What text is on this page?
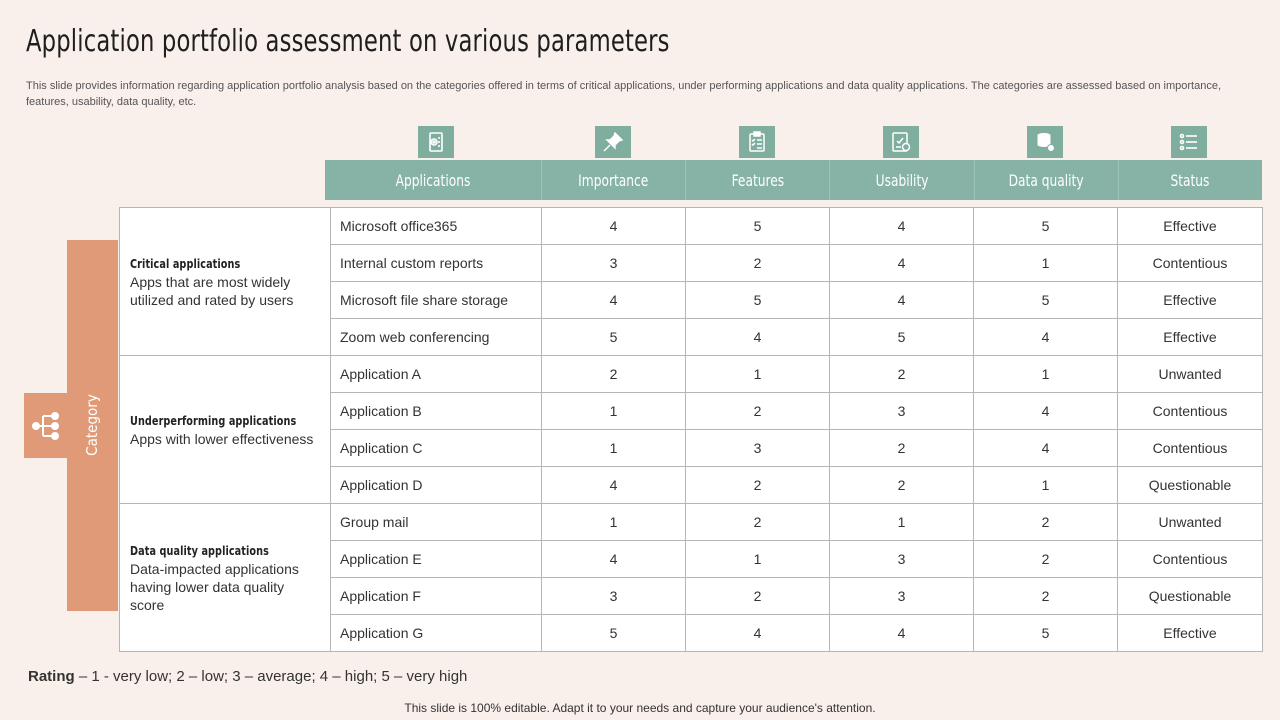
Application portfolio assessment on various parameters
This slide provides information regarding application portfolio analysis based on the categories offered in terms of critical applications, under performing applications and data quality applications. The categories are assessed based on importance, features, usability, data quality, etc.
Applications	Importance	Features	Usability	Data quality	Status
Category
Critical applications
Apps that are most widely utilized and rated by users	Microsoft office365	4	5	4	5	Effective
	Internal custom reports	3	2	4	1	Contentious
	Microsoft file share storage	4	5	4	5	Effective
	Zoom web conferencing	5	4	5	4	Effective

Underperforming applications
Apps with lower effectiveness	Application A	2	1	2	1	Unwanted
	Application B	1	2	3	4	Contentious
	Application C	1	3	2	4	Contentious
	Application D	4	2	2	1	Questionable

Data quality applications
Data-impacted applications having lower data quality score	Group mail	1	2	1	2	Unwanted
	Application E	4	1	3	2	Contentious
	Application F	3	2	3	2	Questionable
	Application G	5	4	4	5	Effective
Rating – 1 - very low; 2 – low; 3 – average; 4 – high; 5 – very high
This slide is 100% editable. Adapt it to your needs and capture your audience's attention.
